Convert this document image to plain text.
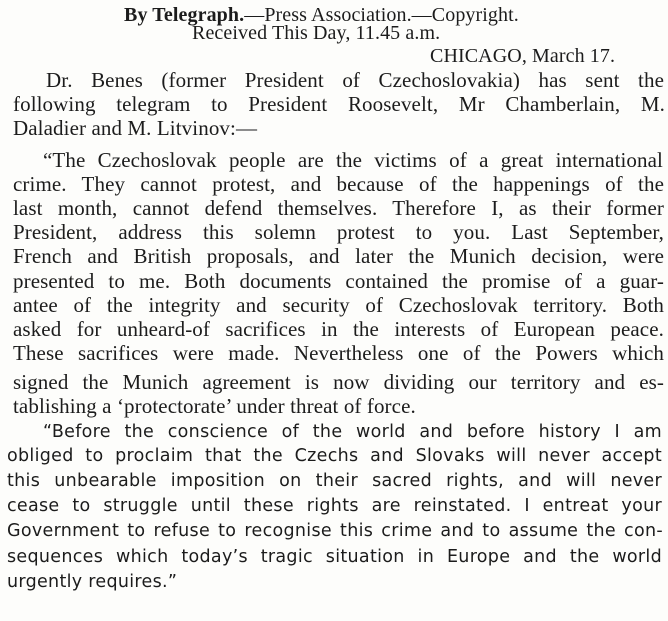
By Telegraph.—Press Association.—Copyright.
Received This Day, 11.45 a.m.
CHICAGO, March 17.
Dr. Benes (former President of Czechoslovakia) has sent the
following telegram to President Roosevelt, Mr Chamberlain, M.
Daladier and M. Litvinov:—
“The Czechoslovak people are the victims of a great international
crime. They cannot protest, and because of the happenings of the
last month, cannot defend themselves. Therefore I, as their former
President, address this solemn protest to you. Last September,
French and British proposals, and later the Munich decision, were
presented to me. Both documents contained the promise of a guar-
antee of the integrity and security of Czechoslovak territory. Both
asked for unheard-of sacrifices in the interests of European peace.
These sacrifices were made. Nevertheless one of the Powers which
signed the Munich agreement is now dividing our territory and es-
tablishing a ‘protectorate’ under threat of force.
“Before the conscience of the world and before history I am
obliged to proclaim that the Czechs and Slovaks will never accept
this unbearable imposition on their sacred rights, and will never
cease to struggle until these rights are reinstated. I entreat your
Government to refuse to recognise this crime and to assume the con-
sequences which today’s tragic situation in Europe and the world
urgently requires.”
